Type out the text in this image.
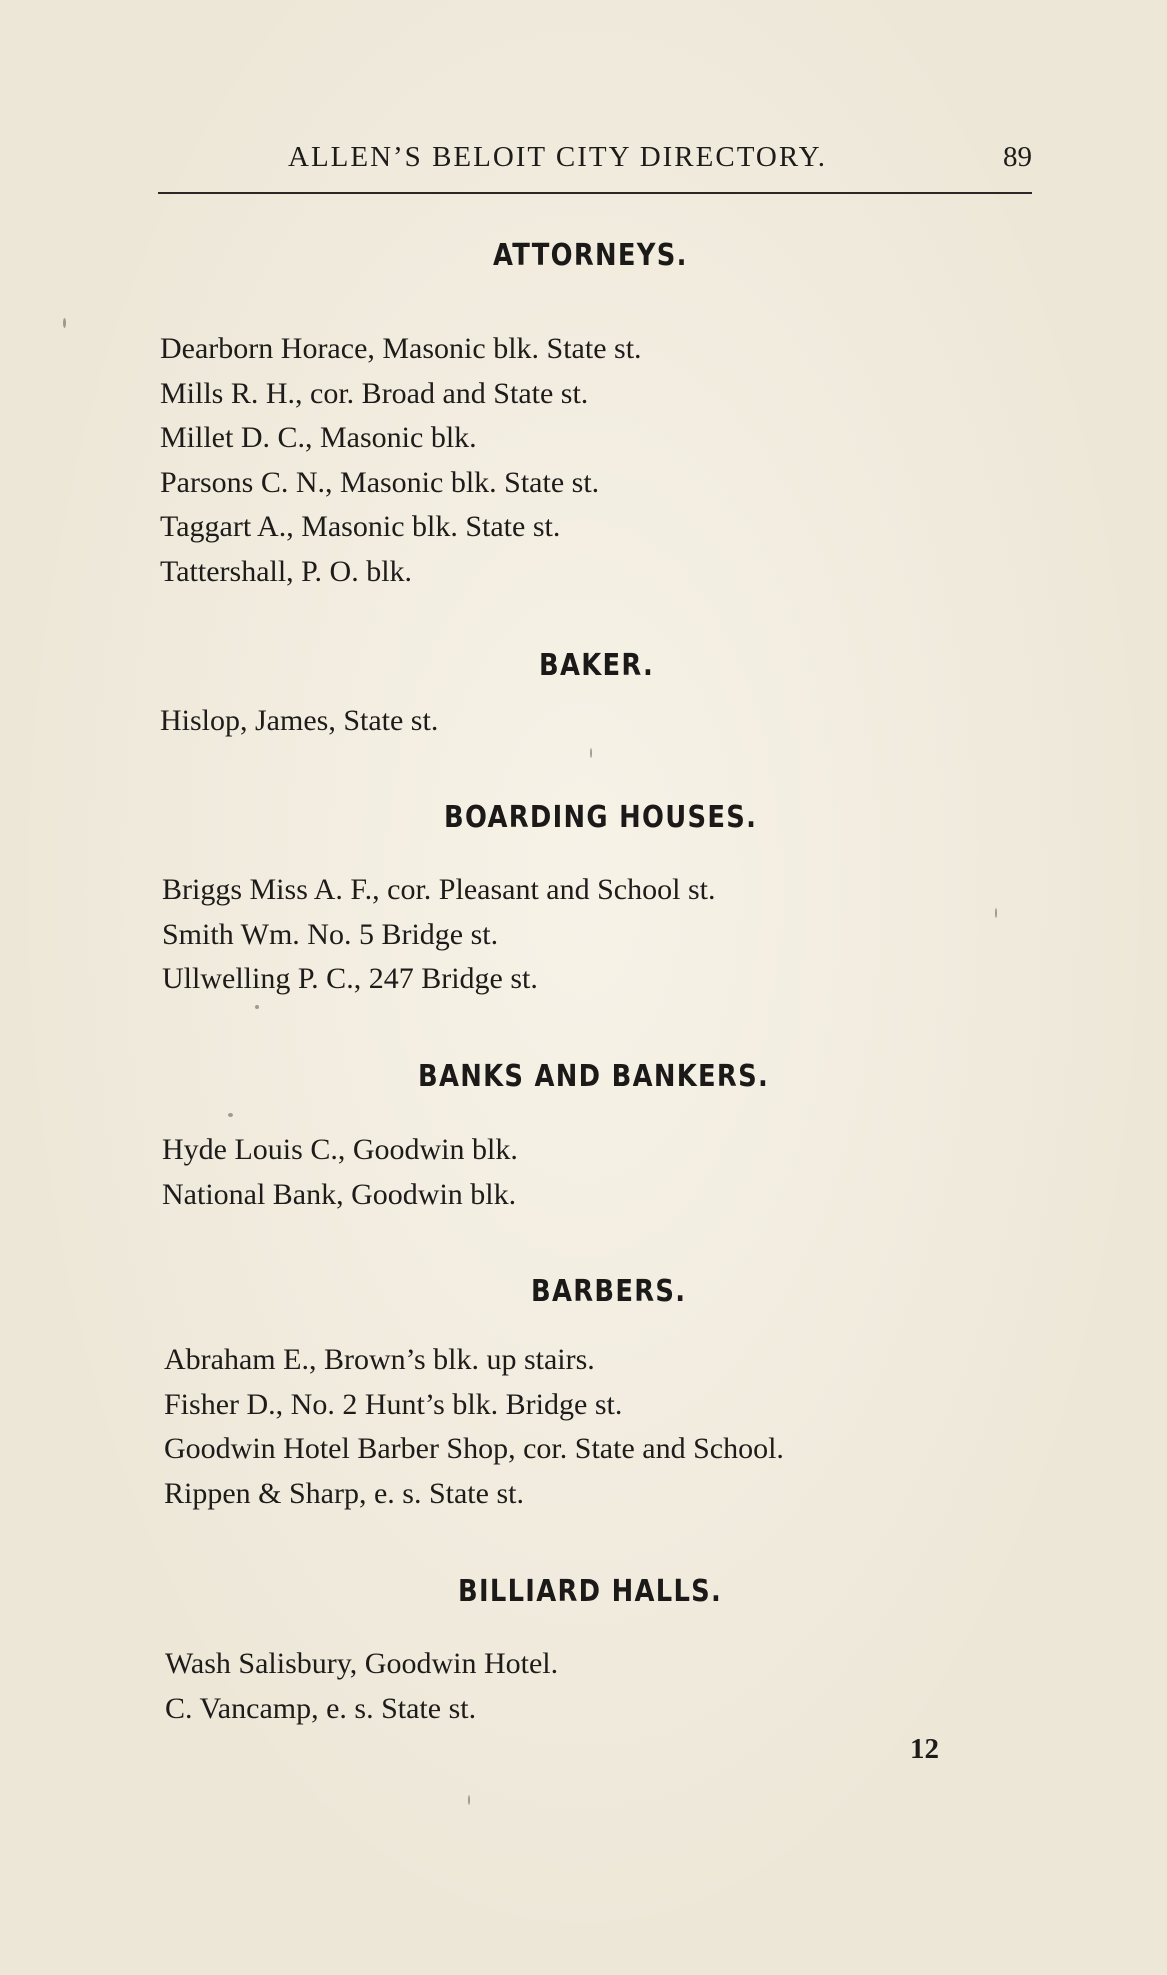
ALLEN’S BELOIT CITY DIRECTORY.	89
ATTORNEYS.
Dearborn Horace, Masonic blk. State st.
Mills R. H., cor. Broad and State st.
Millet D. C., Masonic blk.
Parsons C. N., Masonic blk. State st.
Taggart A., Masonic blk. State st.
Tattershall, P. O. blk.
BAKER.
Hislop, James, State st.
BOARDING HOUSES.
Briggs Miss A. F., cor. Pleasant and School st.
Smith Wm. No. 5 Bridge st.
Ullwelling P. C., 247 Bridge st.
BANKS AND BANKERS.
Hyde Louis C., Goodwin blk.
National Bank, Goodwin blk.
BARBERS.
Abraham E., Brown’s blk. up stairs.
Fisher D., No. 2 Hunt’s blk. Bridge st.
Goodwin Hotel Barber Shop, cor. State and School.
Rippen & Sharp, e. s. State st.
BILLIARD HALLS.
Wash Salisbury, Goodwin Hotel.
C. Vancamp, e. s. State st.
12
